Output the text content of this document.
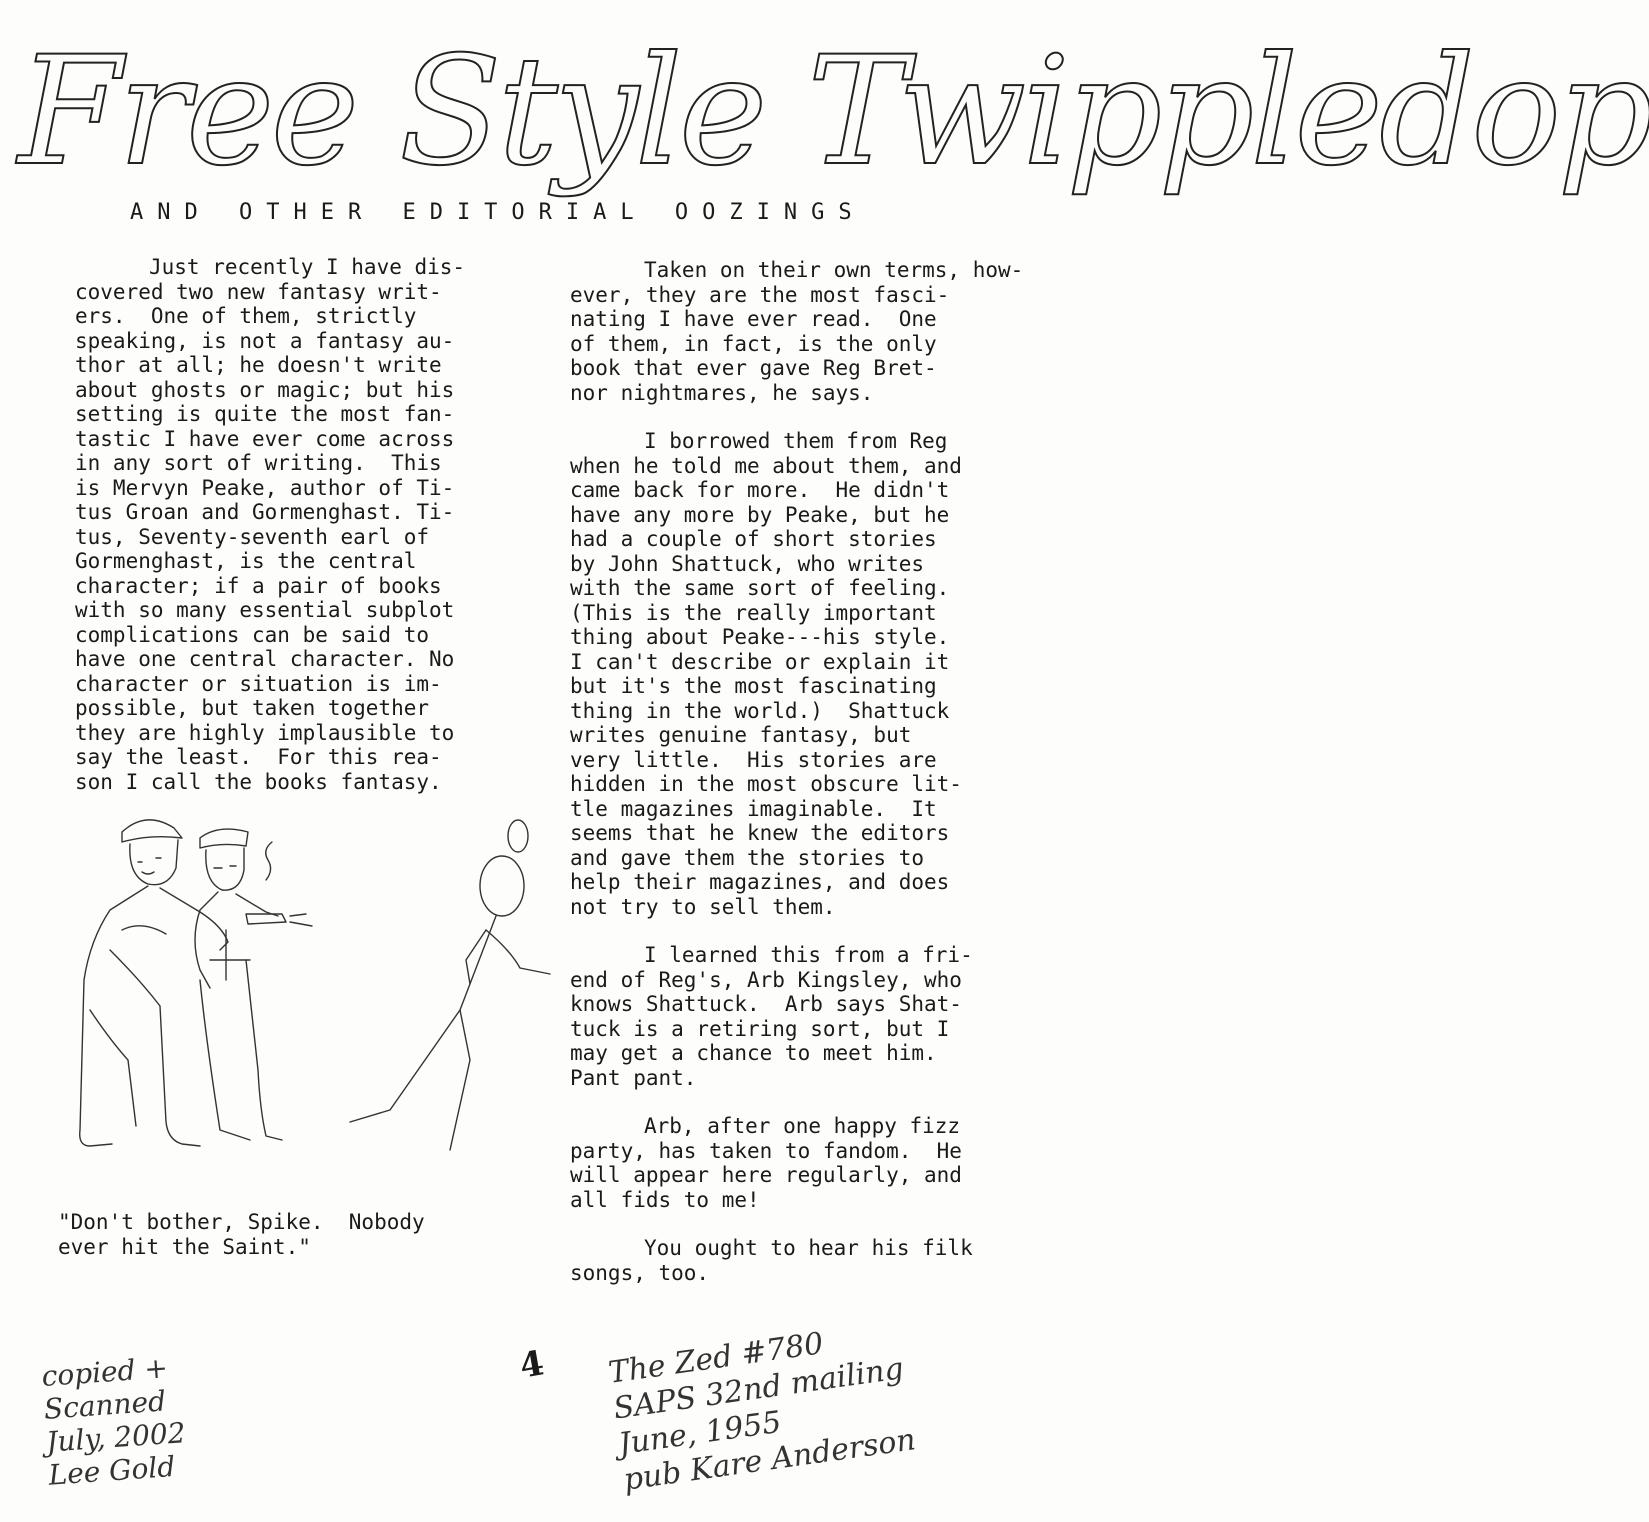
Free Style Twippledop
AND OTHER EDITORIAL OOZINGS
Just recently I have dis-
covered two new fantasy writ-
ers.  One of them, strictly
speaking, is not a fantasy au-
thor at all; he doesn't write
about ghosts or magic; but his
setting is quite the most fan-
tastic I have ever come across
in any sort of writing.  This
is Mervyn Peake, author of Ti-
tus Groan and Gormenghast. Ti-
tus, Seventy-seventh earl of
Gormenghast, is the central
character; if a pair of books
with so many essential subplot
complications can be said to
have one central character. No
character or situation is im-
possible, but taken together
they are highly implausible to
say the least.  For this rea-
son I call the books fantasy.
"Don't bother, Spike.  Nobody
ever hit the Saint."
Taken on their own terms, how-
ever, they are the most fasci-
nating I have ever read.  One
of them, in fact, is the only
book that ever gave Reg Bret-
nor nightmares, he says.
I borrowed them from Reg
when he told me about them, and
came back for more.  He didn't
have any more by Peake, but he
had a couple of short stories
by John Shattuck, who writes
with the same sort of feeling.
(This is the really important
thing about Peake---his style.
I can't describe or explain it
but it's the most fascinating
thing in the world.)  Shattuck
writes genuine fantasy, but
very little.  His stories are
hidden in the most obscure lit-
tle magazines imaginable.  It
seems that he knew the editors
and gave them the stories to
help their magazines, and does
not try to sell them.
I learned this from a fri-
end of Reg's, Arb Kingsley, who
knows Shattuck.  Arb says Shat-
tuck is a retiring sort, but I
may get a chance to meet him.
Pant pant.
Arb, after one happy fizz
party, has taken to fandom.  He
will appear here regularly, and
all fids to me!
You ought to hear his filk
songs, too.
4
copied +
Scanned
July, 2002
Lee Gold
The Zed #780
SAPS 32nd mailing
June, 1955
pub Kare Anderson
